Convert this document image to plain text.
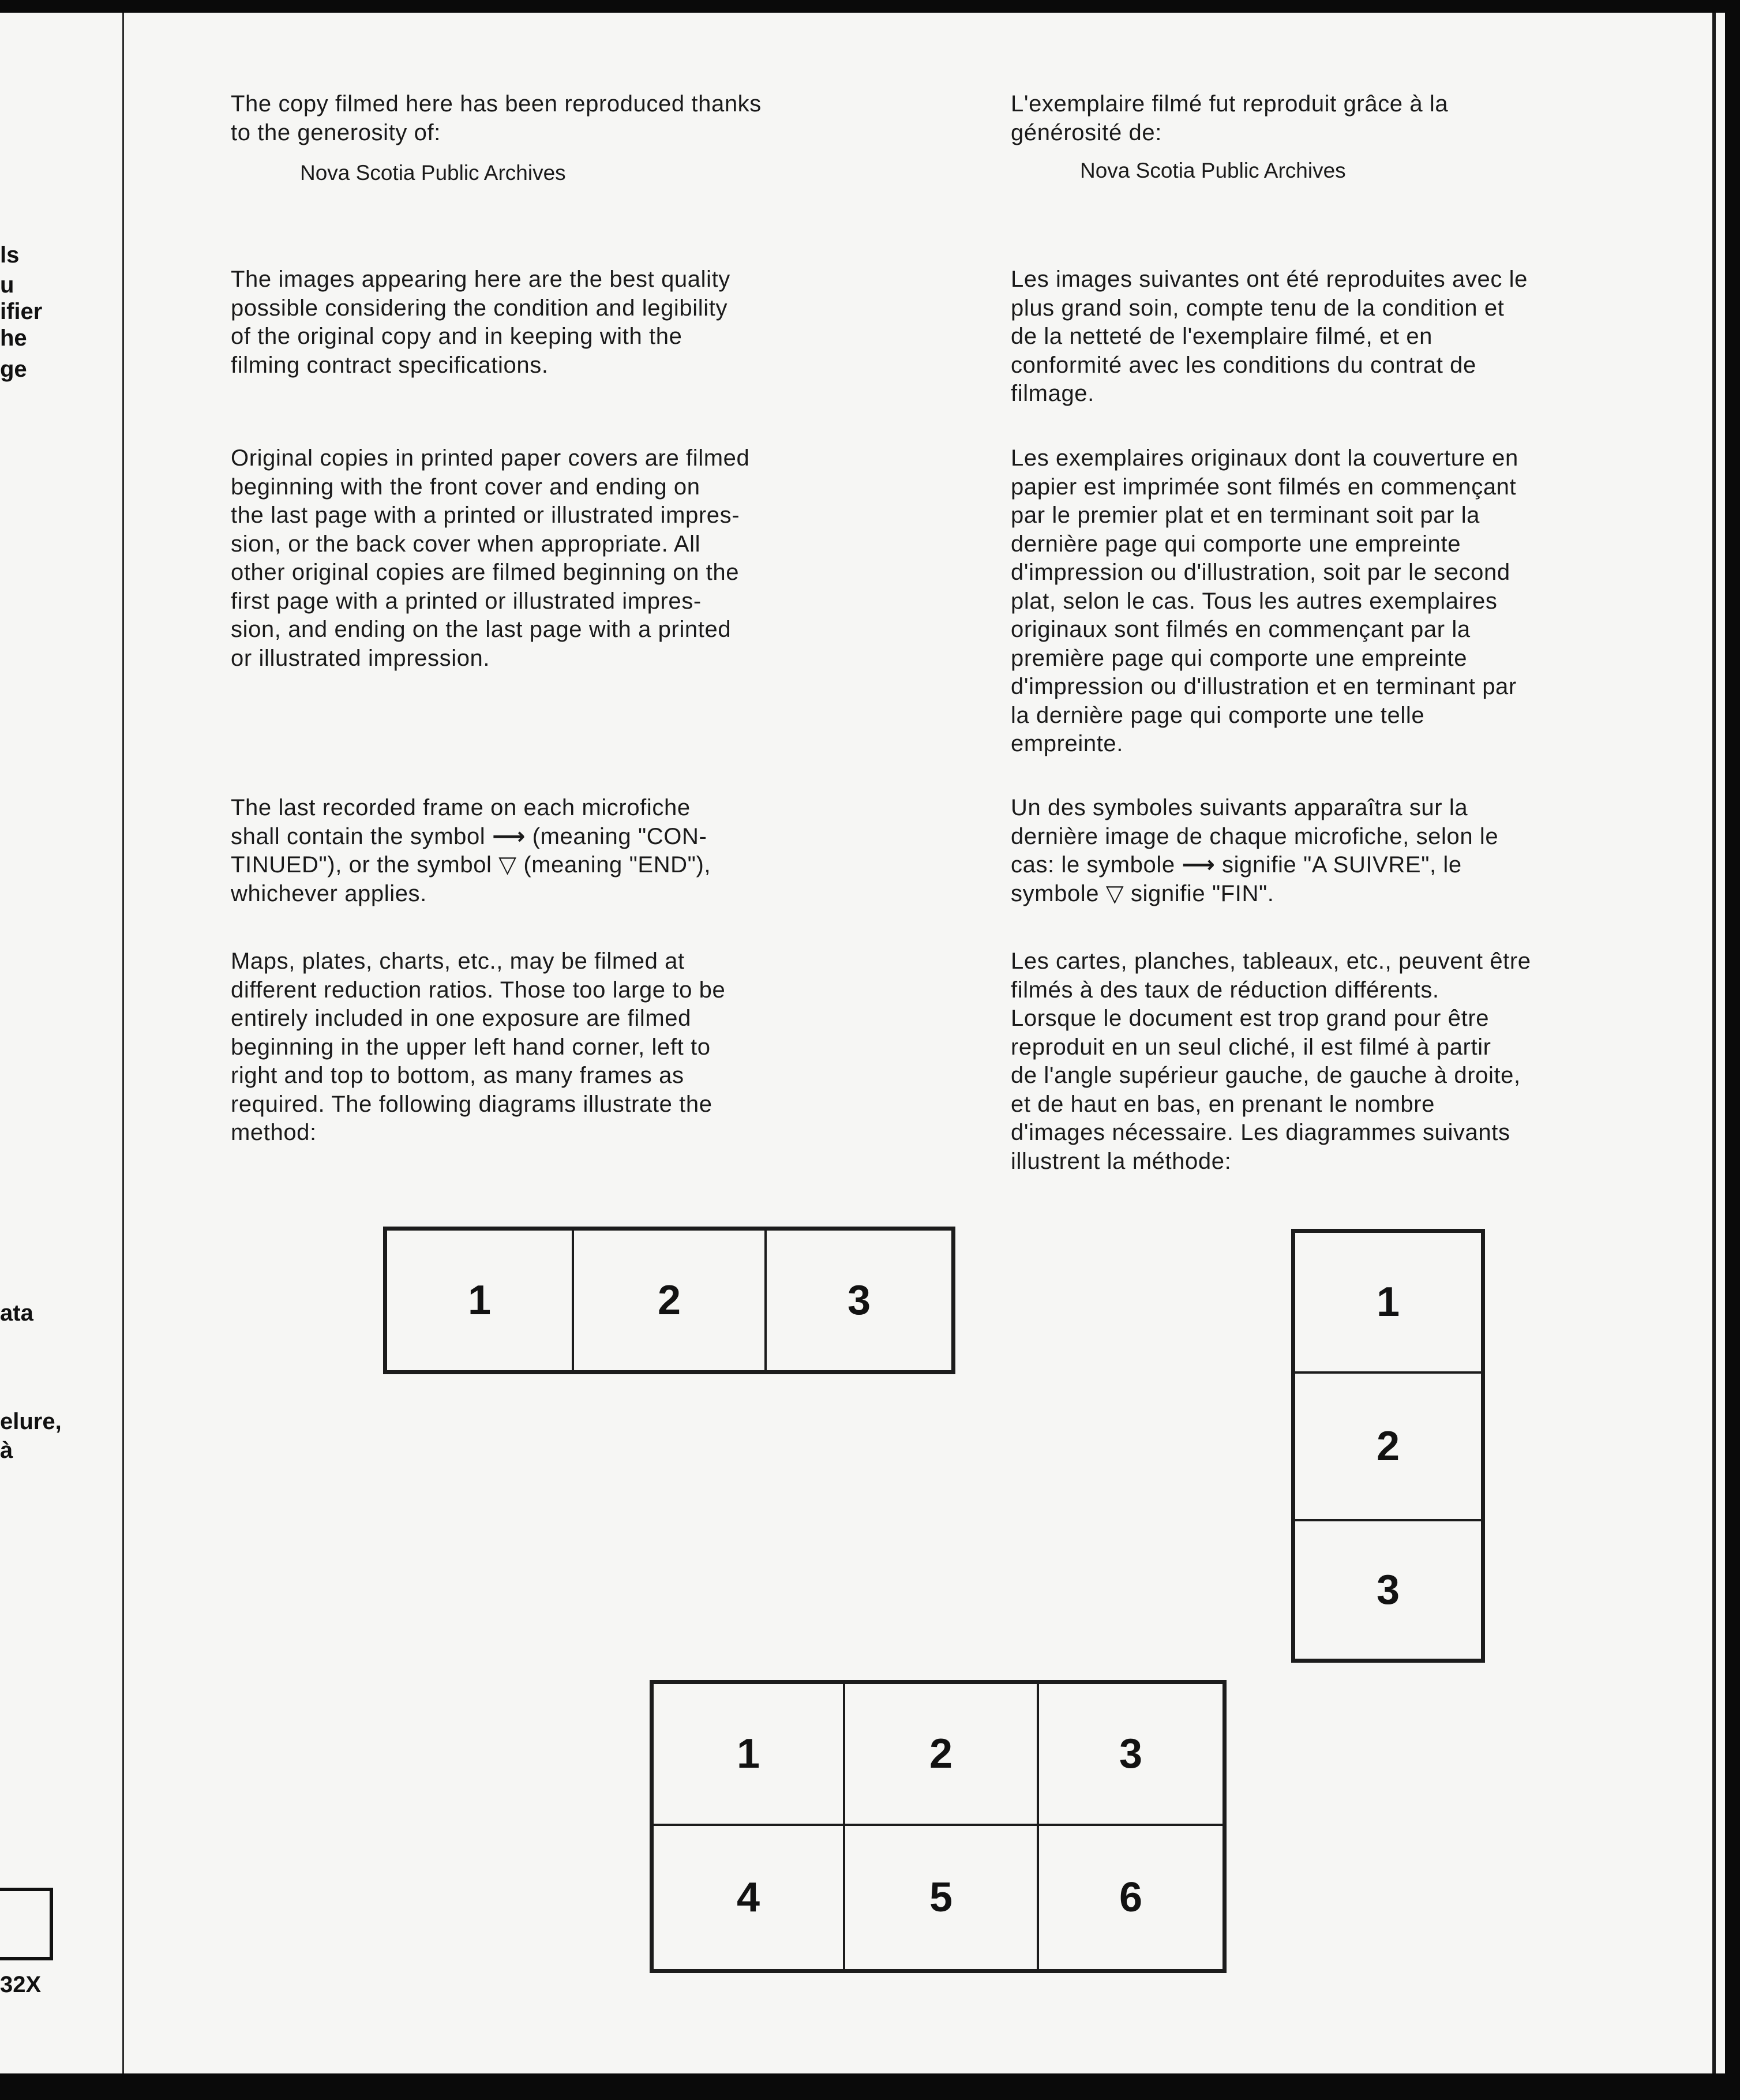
ls
u
ifier
he
ge
ata
elure,
à
32X

The copy filmed here has been reproduced thanks
to the generosity of:

Nova Scotia Public Archives

The images appearing here are the best quality
possible considering the condition and legibility
of the original copy and in keeping with the
filming contract specifications.

Original copies in printed paper covers are filmed
beginning with the front cover and ending on
the last page with a printed or illustrated impres-
sion, or the back cover when appropriate. All
other original copies are filmed beginning on the
first page with a printed or illustrated impres-
sion, and ending on the last page with a printed
or illustrated impression.

The last recorded frame on each microfiche
shall contain the symbol ⟶ (meaning "CON-
TINUED"), or the symbol ▽ (meaning "END"),
whichever applies.

Maps, plates, charts, etc., may be filmed at
different reduction ratios. Those too large to be
entirely included in one exposure are filmed
beginning in the upper left hand corner, left to
right and top to bottom, as many frames as
required. The following diagrams illustrate the
method:

L'exemplaire filmé fut reproduit grâce à la
générosité de:

Nova Scotia Public Archives

Les images suivantes ont été reproduites avec le
plus grand soin, compte tenu de la condition et
de la netteté de l'exemplaire filmé, et en
conformité avec les conditions du contrat de
filmage.

Les exemplaires originaux dont la couverture en
papier est imprimée sont filmés en commençant
par le premier plat et en terminant soit par la
dernière page qui comporte une empreinte
d'impression ou d'illustration, soit par le second
plat, selon le cas. Tous les autres exemplaires
originaux sont filmés en commençant par la
première page qui comporte une empreinte
d'impression ou d'illustration et en terminant par
la dernière page qui comporte une telle
empreinte.

Un des symboles suivants apparaîtra sur la
dernière image de chaque microfiche, selon le
cas: le symbole ⟶ signifie "A SUIVRE", le
symbole ▽ signifie "FIN".

Les cartes, planches, tableaux, etc., peuvent être
filmés à des taux de réduction différents.
Lorsque le document est trop grand pour être
reproduit en un seul cliché, il est filmé à partir
de l'angle supérieur gauche, de gauche à droite,
et de haut en bas, en prenant le nombre
d'images nécessaire. Les diagrammes suivants
illustrent la méthode:

1	2	3	1
2
3
1	2	3
4	5	6
